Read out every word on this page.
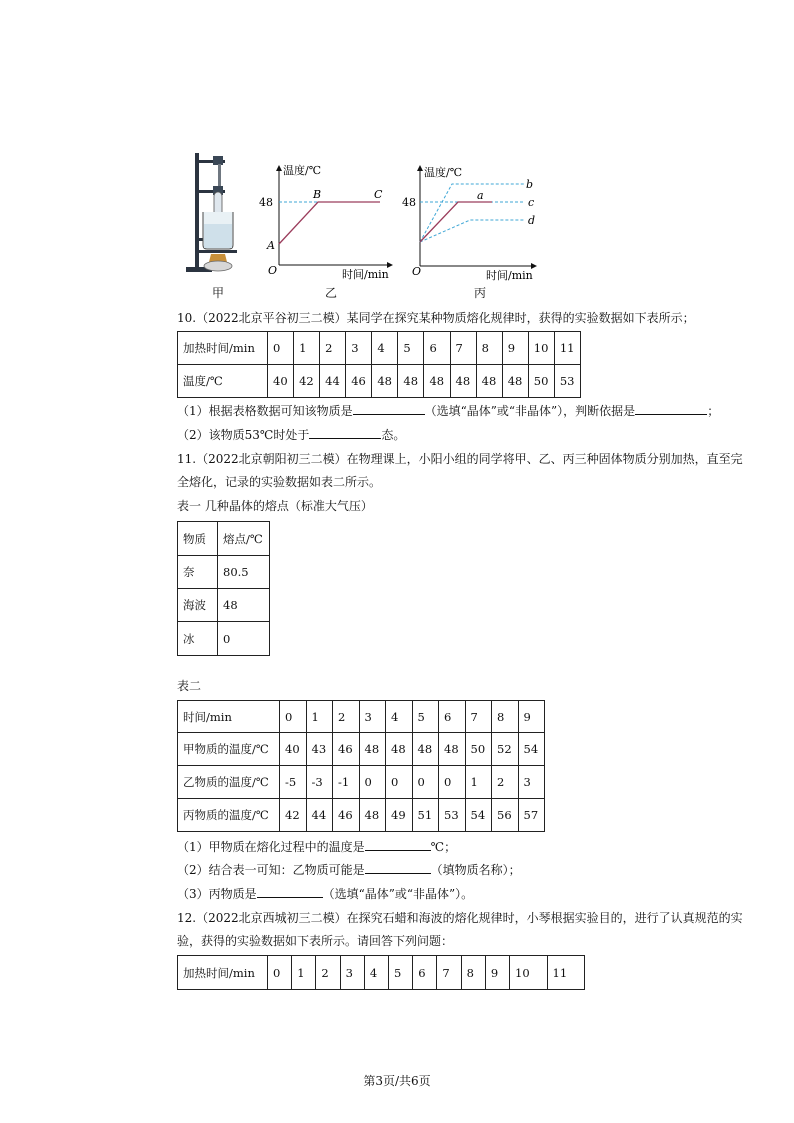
甲
温度/℃
48
A
B	C
O	时间/min
乙
温度/℃
48
a
b
c
d
O	时间/min
丙
10.（2022北京平谷初三二模）某同学在探究某种物质熔化规律时，获得的实验数据如下表所示；
加热时间/min	0	1	2	3	4	5	6	7	8	9	10	11
温度/℃	40	42	44	46	48	48	48	48	48	48	50	53
（1）根据表格数据可知该物质是	（选填“晶体”或“非晶体”），判断依据是	；
（2）该物质53℃时处于	态。
11.（2022北京朝阳初三二模）在物理课上，小阳小组的同学将甲、乙、丙三种固体物质分别加热，直至完
全熔化，记录的实验数据如表二所示。
表一 几种晶体的熔点（标准大气压）
物质	熔点/℃
奈	80.5
海波	48
冰	0
表二
时间/min	0	1	2	3	4	5	6	7	8	9
甲物质的温度/℃	40	43	46	48	48	48	48	50	52	54
乙物质的温度/℃	-5	-3	-1	0	0	0	0	1	2	3
丙物质的温度/℃	42	44	46	48	49	51	53	54	56	57
（1）甲物质在熔化过程中的温度是	℃；
（2）结合表一可知：乙物质可能是	（填物质名称）；
（3）丙物质是	（选填“晶体”或“非晶体”）。
12.（2022北京西城初三二模）在探究石蜡和海波的熔化规律时，小琴根据实验目的，进行了认真规范的实
验，获得的实验数据如下表所示。请回答下列问题：
加热时间/min	0	1	2	3	4	5	6	7	8	9	10	11
第3页/共6页
